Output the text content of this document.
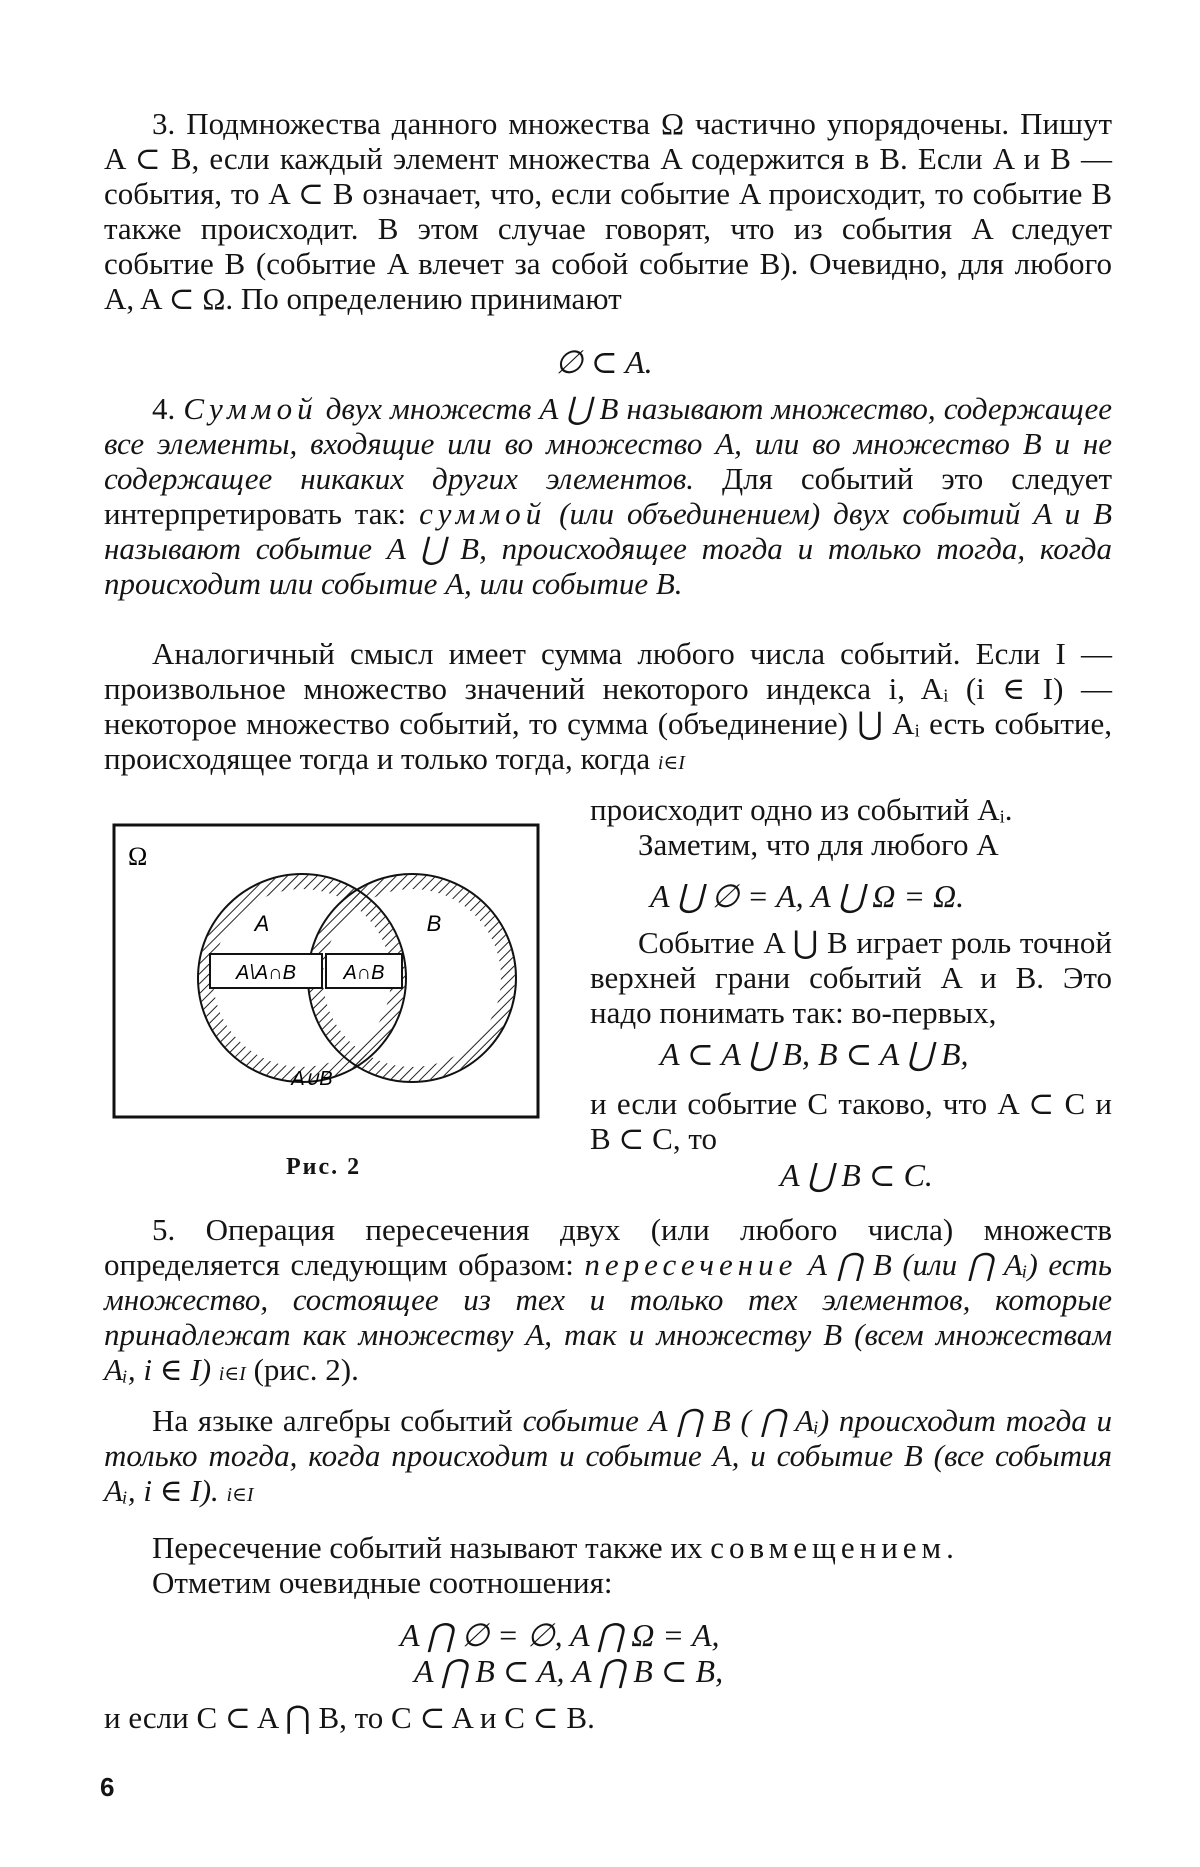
3. Подмножества данного множества Ω частично упорядочены. Пишут A ⊂ B, если каждый элемент множества A содержится в B. Если A и B — события, то A ⊂ B означает, что, если событие A происходит, то событие B также происходит. В этом случае говорят, что из события A следует событие B (событие A влечет за собой событие B). Очевидно, для любого A, A ⊂ Ω. По определению принимают
∅ ⊂ A.
4. Суммой двух множеств A ⋃ B называют множество, содержащее все элементы, входящие или во множество A, или во множество B и не содержащее никаких других элементов. Для событий это следует интерпретировать так: суммой (или объединением) двух событий A и B называют событие A ⋃ B, происходящее тогда и только тогда, когда происходит или событие A, или событие B.
Аналогичный смысл имеет сумма любого числа событий. Если I — произвольное множество значений некоторого индекса i, Aᵢ (i ∈ I) — некоторое множество событий, то сумма (объединение) ⋃ Aᵢ есть событие, происходящее тогда и только тогда, когда i∈I
происходит одно из событий Aᵢ.
Заметим, что для любого A
A ⋃ ∅ = A, A ⋃ Ω = Ω.
Событие A ⋃ B играет роль точной верхней грани событий A и B. Это надо понимать так: во-первых,
A ⊂ A ⋃ B, B ⊂ A ⋃ B,
и если событие C таково, что A ⊂ C и B ⊂ C, то
A ⋃ B ⊂ C.
Ω
A\A∩B A∩B
A	B
A∪B
Рис. 2
5. Операция пересечения двух (или любого числа) множеств определяется следующим образом: пересечение A ⋂ B (или ⋂ Aᵢ) есть множество, состоящее из тех и только тех элементов, которые принадлежат как множеству A, так и множеству B (всем множествам Aᵢ, i ∈ I) i∈I (рис. 2).
На языке алгебры событий событие A ⋂ B ( ⋂ Aᵢ) происходит тогда и только тогда, когда происходит и событие A, и событие B (все события Aᵢ, i ∈ I). i∈I
Пересечение событий называют также их совмещением.
Отметим очевидные соотношения:
A ⋂ ∅ = ∅, A ⋂ Ω = A,
A ⋂ B ⊂ A, A ⋂ B ⊂ B,
и если C ⊂ A ⋂ B, то C ⊂ A и C ⊂ B.
6
